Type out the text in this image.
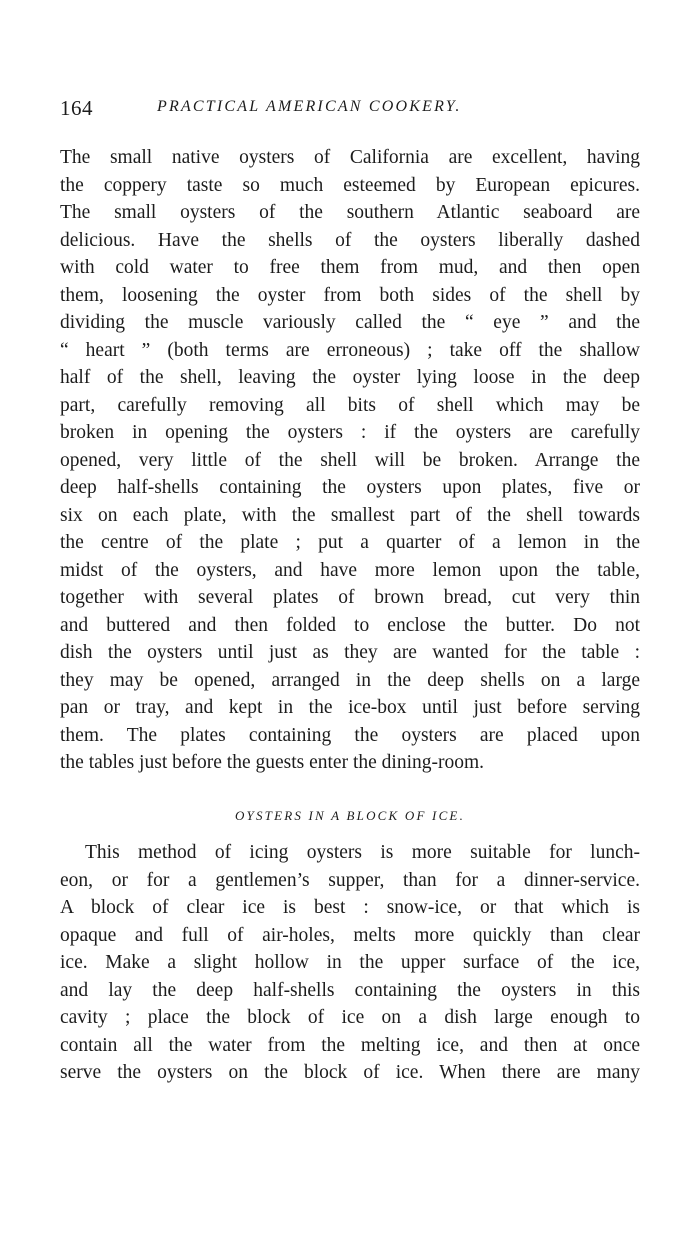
164	PRACTICAL AMERICAN COOKERY.
The small native oysters of California are excellent, having
the coppery taste so much esteemed by European epicures.
The small oysters of the southern Atlantic seaboard are
delicious. Have the shells of the oysters liberally dashed
with cold water to free them from mud, and then open
them, loosening the oyster from both sides of the shell by
dividing the muscle variously called the “ eye ” and the
“ heart ” (both terms are erroneous) ; take off the shallow
half of the shell, leaving the oyster lying loose in the deep
part, carefully removing all bits of shell which may be
broken in opening the oysters : if the oysters are carefully
opened, very little of the shell will be broken. Arrange the
deep half-shells containing the oysters upon plates, five or
six on each plate, with the smallest part of the shell towards
the centre of the plate ; put a quarter of a lemon in the
midst of the oysters, and have more lemon upon the table,
together with several plates of brown bread, cut very thin
and buttered and then folded to enclose the butter. Do not
dish the oysters until just as they are wanted for the table :
they may be opened, arranged in the deep shells on a large
pan or tray, and kept in the ice-box until just before serving
them. The plates containing the oysters are placed upon
the tables just before the guests enter the dining-room.
OYSTERS IN A BLOCK OF ICE.
This method of icing oysters is more suitable for lunch-
eon, or for a gentlemen’s supper, than for a dinner-service.
A block of clear ice is best : snow-ice, or that which is
opaque and full of air-holes, melts more quickly than clear
ice. Make a slight hollow in the upper surface of the ice,
and lay the deep half-shells containing the oysters in this
cavity ; place the block of ice on a dish large enough to
contain all the water from the melting ice, and then at once
serve the oysters on the block of ice. When there are many
